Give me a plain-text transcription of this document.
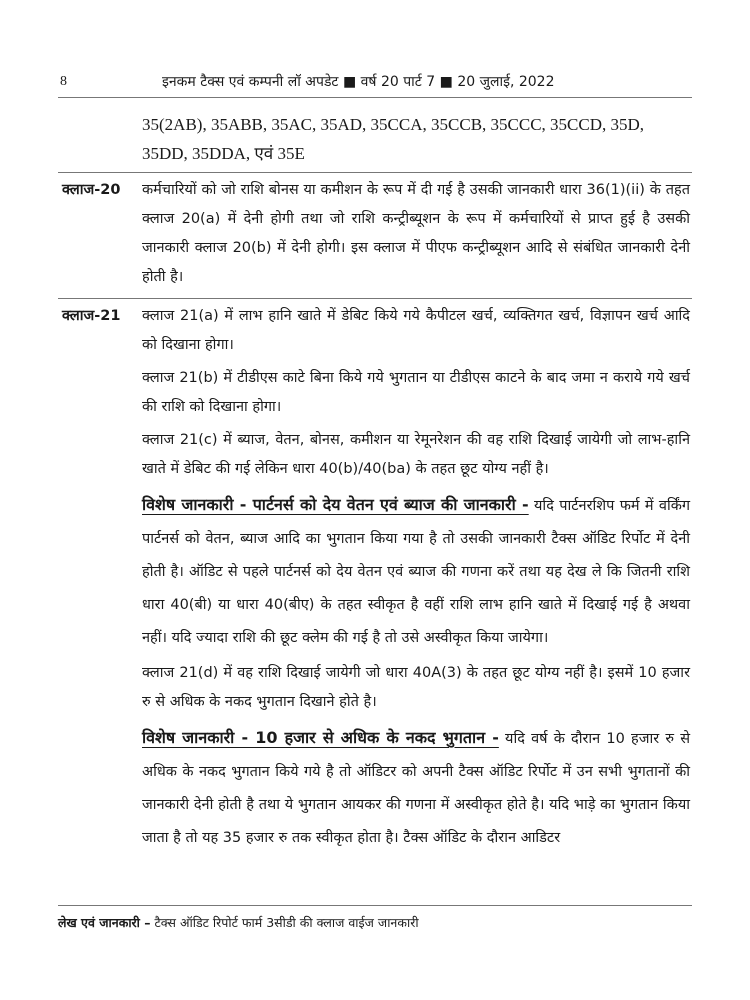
8	इनकम टैक्स एवं कम्पनी लॉ अपडेट ■ वर्ष 20 पार्ट 7 ■ 20 जुलाई, 2022
35(2AB), 35ABB, 35AC, 35AD, 35CCA, 35CCB, 35CCC, 35CCD, 35D,
35DD, 35DDA, एवं 35E
क्लाज-20 कर्मचारियों को जो राशि बोनस या कमीशन के रूप में दी गई है उसकी जानकारी धारा 36(1)(ii) के तहत क्लाज 20(a) में देनी होगी तथा जो राशि कन्ट्रीब्यूशन के रूप में कर्मचारियों से प्राप्त हुई है उसकी जानकारी क्लाज 20(b) में देनी होगी। इस क्लाज में पीएफ कन्ट्रीब्यूशन आदि से संबंधित जानकारी देनी होती है।
क्लाज-21 क्लाज 21(a) में लाभ हानि खाते में डेबिट किये गये कैपीटल खर्च, व्यक्तिगत खर्च, विज्ञापन खर्च आदि को दिखाना होगा।

क्लाज 21(b) में टीडीएस काटे बिना किये गये भुगतान या टीडीएस काटने के बाद जमा न कराये गये खर्च की राशि को दिखाना होगा।

क्लाज 21(c) में ब्याज, वेतन, बोनस, कमीशन या रेमूनरेशन की वह राशि दिखाई जायेगी जो लाभ-हानि खाते में डेबिट की गई लेकिन धारा 40(b)/40(ba) के तहत छूट योग्य नहीं है।

विशेष जानकारी - पार्टनर्स को देय वेतन एवं ब्याज की जानकारी - यदि पार्टनरशिप फर्म में वर्किंग पार्टनर्स को वेतन, ब्याज आदि का भुगतान किया गया है तो उसकी जानकारी टैक्स ऑडिट रिर्पोट में देनी होती है। ऑडिट से पहले पार्टनर्स को देय वेतन एवं ब्याज की गणना करें तथा यह देख ले कि जितनी राशि धारा 40(बी) या धारा 40(बीए) के तहत स्वीकृत है वहीं राशि लाभ हानि खाते में दिखाई गई है अथवा नहीं। यदि ज्यादा राशि की छूट क्लेम की गई है तो उसे अस्वीकृत किया जायेगा।

क्लाज 21(d) में वह राशि दिखाई जायेगी जो धारा 40A(3) के तहत छूट योग्य नहीं है। इसमें 10 हजार रु से अधिक के नकद भुगतान दिखाने होते है।

विशेष जानकारी - 10 हजार से अधिक के नकद भुगतान - यदि वर्ष के दौरान 10 हजार रु से अधिक के नकद भुगतान किये गये है तो ऑडिटर को अपनी टैक्स ऑडिट रिर्पोट में उन सभी भुगतानों की जानकारी देनी होती है तथा ये भुगतान आयकर की गणना में अस्वीकृत होते है। यदि भाड़े का भुगतान किया जाता है तो यह 35 हजार रु तक स्वीकृत होता है। टैक्स ऑडिट के दौरान आडिटर

लेख एवं जानकारी – टैक्स ऑडिट रिपोर्ट फार्म 3सीडी की क्लाज वाईज जानकारी
